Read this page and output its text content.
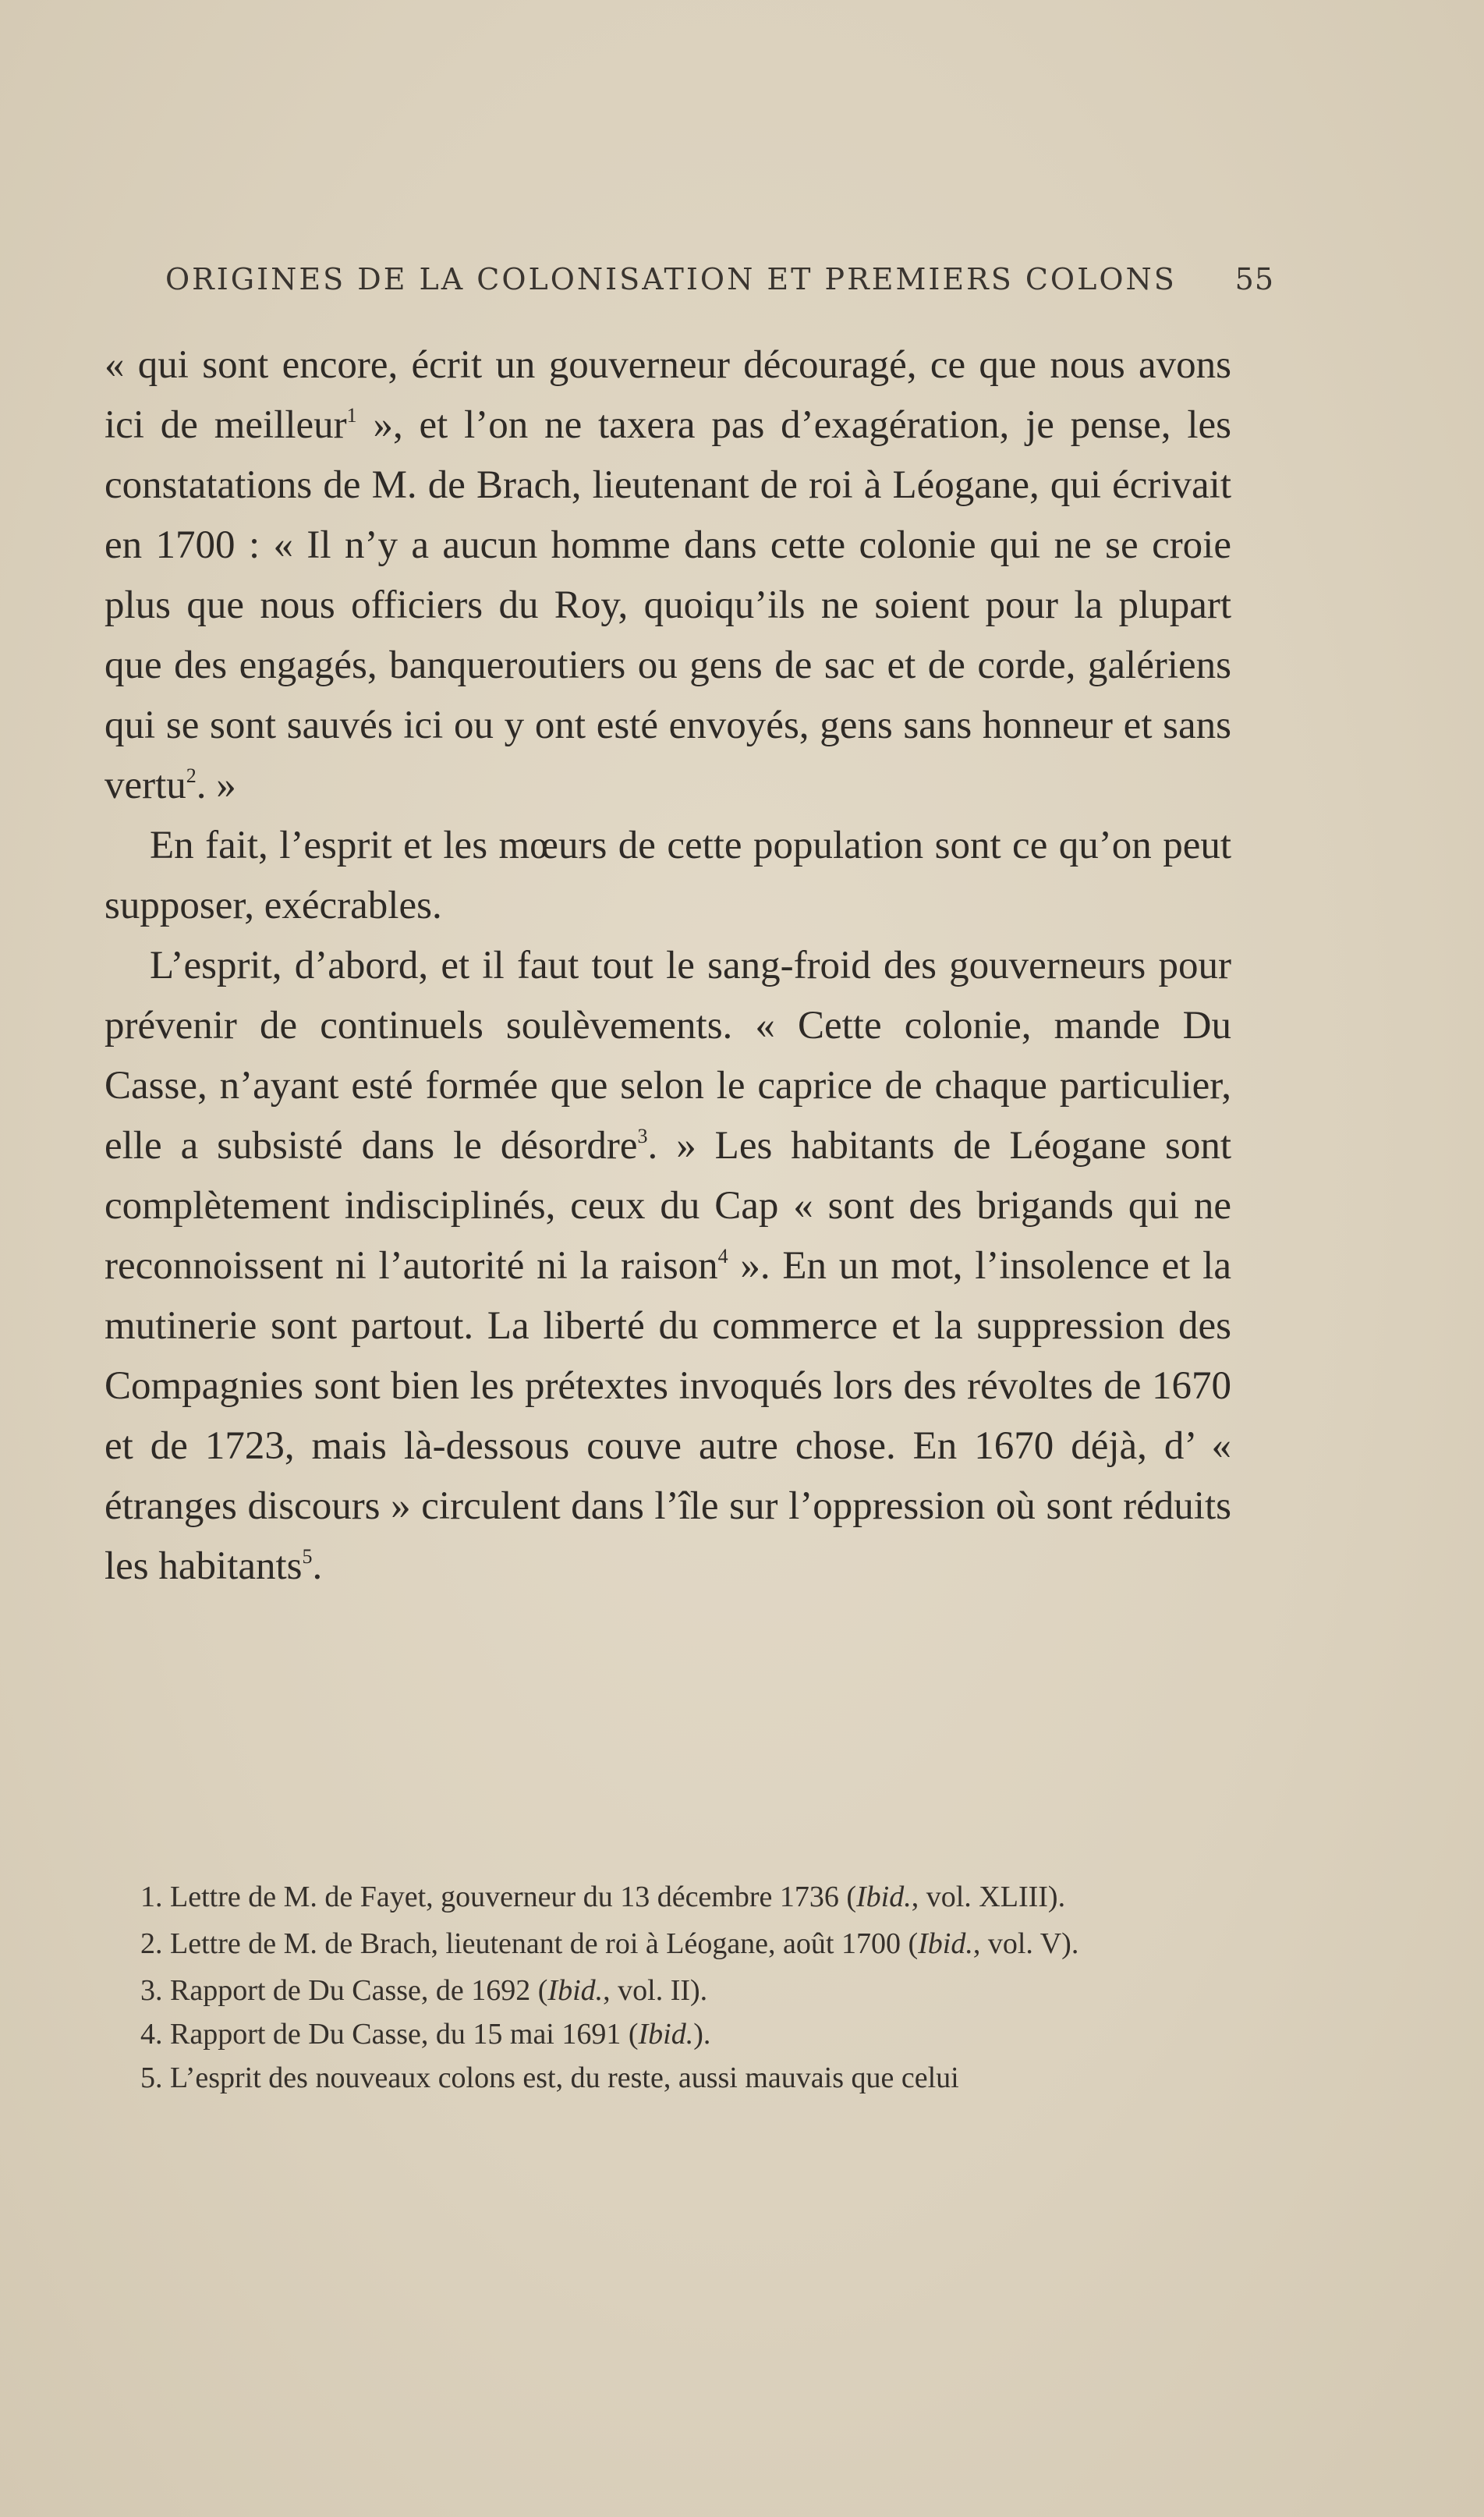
ORIGINES DE LA COLONISATION ET PREMIERS COLONS 55

« qui sont encore, écrit un gouverneur découragé, ce que nous avons ici de meilleur$^1$ », et l’on ne taxera pas d’exagération, je pense, les constatations de M. de Brach, lieutenant de roi à Léogane, qui écrivait en 1700 : « Il n’y a aucun homme dans cette colonie qui ne se croie plus que nous officiers du Roy, quoiqu’ils ne soient pour la plupart que des engagés, banqueroutiers ou gens de sac et de corde, galériens qui se sont sauvés ici ou y ont esté envoyés, gens sans honneur et sans vertu$^2$. »

En fait, l’esprit et les mœurs de cette population sont ce qu’on peut supposer, exécrables.

L’esprit, d’abord, et il faut tout le sang-froid des gouverneurs pour prévenir de continuels soulèvements. « Cette colonie, mande Du Casse, n’ayant esté formée que selon le caprice de chaque particulier, elle a subsisté dans le désordre$^3$. » Les habitants de Léogane sont complètement indisciplinés, ceux du Cap « sont des brigands qui ne reconnoissent ni l’autorité ni la raison$^4$ ». En un mot, l’insolence et la mutinerie sont partout. La liberté du commerce et la suppression des Compagnies sont bien les prétextes invoqués lors des révoltes de 1670 et de 1723, mais là-dessous couve autre chose. En 1670 déjà, d’ « étranges discours » circulent dans l’île sur l’oppression où sont réduits les habitants$^5$.

1. Lettre de M. de Fayet, gouverneur du 13 décembre 1736 (Ibid., vol. XLIII).

2. Lettre de M. de Brach, lieutenant de roi à Léogane, août 1700 (Ibid., vol. V).

3. Rapport de Du Casse, de 1692 (Ibid., vol. II).

4. Rapport de Du Casse, du 15 mai 1691 (Ibid.).

5. L’esprit des nouveaux colons est, du reste, aussi mauvais que celui
